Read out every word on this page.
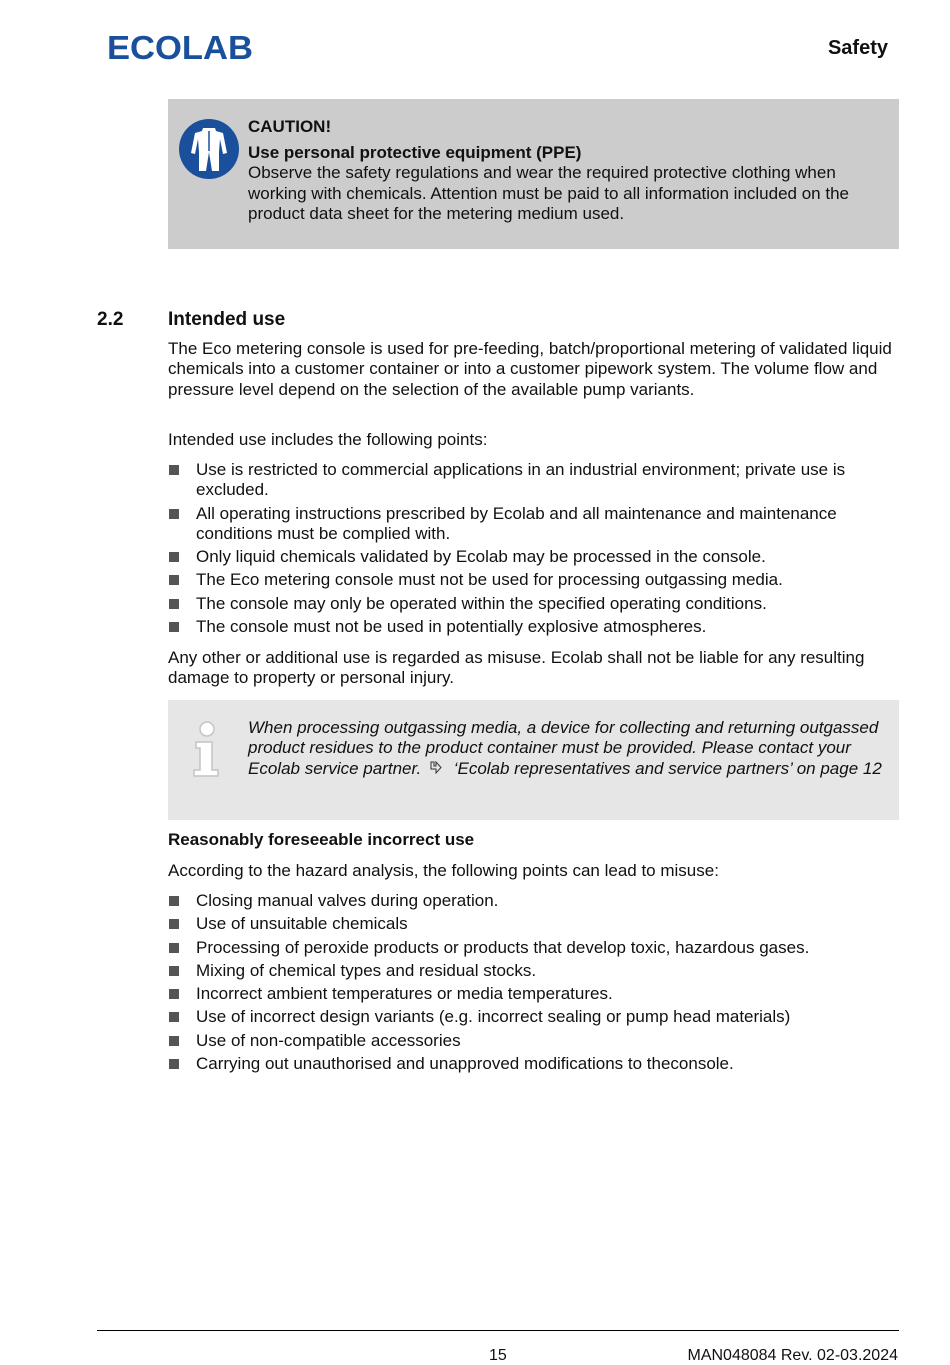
ECOLAB	Safety
CAUTION!
Use personal protective equipment (PPE)
Observe the safety regulations and wear the required protective clothing when working with chemicals. Attention must be paid to all information included on the product data sheet for the metering medium used.
2.2 Intended use
The Eco metering console is used for pre-feeding, batch/proportional metering of validated liquid chemicals into a customer container or into a customer pipework system. The volume flow and pressure level depend on the selection of the available pump variants.
Intended use includes the following points:
Use is restricted to commercial applications in an industrial environment; private use is excluded.
All operating instructions prescribed by Ecolab and all maintenance and maintenance conditions must be complied with.
Only liquid chemicals validated by Ecolab may be processed in the console.
The Eco metering console must not be used for processing outgassing media.
The console may only be operated within the specified operating conditions.
The console must not be used in potentially explosive atmospheres.
Any other or additional use is regarded as misuse. Ecolab shall not be liable for any resulting damage to property or personal injury.
When processing outgassing media, a device for collecting and returning outgassed product residues to the product container must be provided. Please contact your Ecolab service partner. ‘Ecolab representatives and service partners’ on page 12
Reasonably foreseeable incorrect use
According to the hazard analysis, the following points can lead to misuse:
Closing manual valves during operation.
Use of unsuitable chemicals
Processing of peroxide products or products that develop toxic, hazardous gases.
Mixing of chemical types and residual stocks.
Incorrect ambient temperatures or media temperatures.
Use of incorrect design variants (e.g. incorrect sealing or pump head materials)
Use of non-compatible accessories
Carrying out unauthorised and unapproved modifications to theconsole.
15	MAN048084 Rev. 02-03.2024
